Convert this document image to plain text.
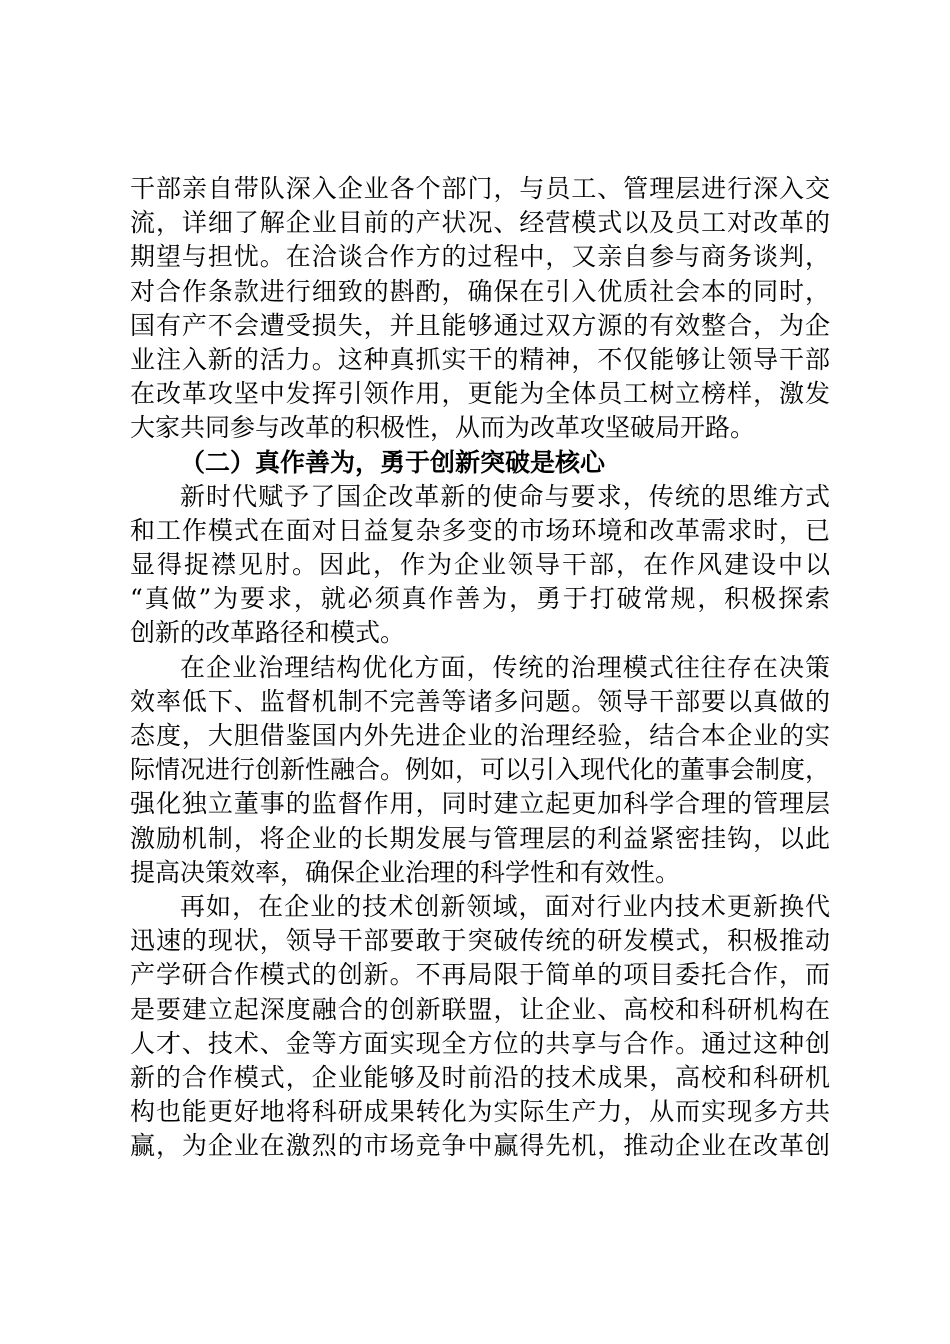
干部亲自带队深入企业各个部门，与员工、管理层进行深入交
流，详细了解企业目前的产状况、经营模式以及员工对改革的
期望与担忧。在洽谈合作方的过程中，又亲自参与商务谈判，
对合作条款进行细致的斟酌，确保在引入优质社会本的同时，
国有产不会遭受损失，并且能够通过双方源的有效整合，为企
业注入新的活力。这种真抓实干的精神，不仅能够让领导干部
在改革攻坚中发挥引领作用，更能为全体员工树立榜样，激发
大家共同参与改革的积极性，从而为改革攻坚破局开路。
（二）真作善为，勇于创新突破是核心
新时代赋予了国企改革新的使命与要求，传统的思维方式
和工作模式在面对日益复杂多变的市场环境和改革需求时，已
显得捉襟见肘。因此，作为企业领导干部，在作风建设中以
“真做”为要求，就必须真作善为，勇于打破常规，积极探索
创新的改革路径和模式。
在企业治理结构优化方面，传统的治理模式往往存在决策
效率低下、监督机制不完善等诸多问题。领导干部要以真做的
态度，大胆借鉴国内外先进企业的治理经验，结合本企业的实
际情况进行创新性融合。例如，可以引入现代化的董事会制度，
强化独立董事的监督作用，同时建立起更加科学合理的管理层
激励机制，将企业的长期发展与管理层的利益紧密挂钩，以此
提高决策效率，确保企业治理的科学性和有效性。
再如，在企业的技术创新领域，面对行业内技术更新换代
迅速的现状，领导干部要敢于突破传统的研发模式，积极推动
产学研合作模式的创新。不再局限于简单的项目委托合作，而
是要建立起深度融合的创新联盟，让企业、高校和科研机构在
人才、技术、金等方面实现全方位的共享与合作。通过这种创
新的合作模式，企业能够及时前沿的技术成果，高校和科研机
构也能更好地将科研成果转化为实际生产力，从而实现多方共
赢，为企业在激烈的市场竞争中赢得先机，推动企业在改革创
